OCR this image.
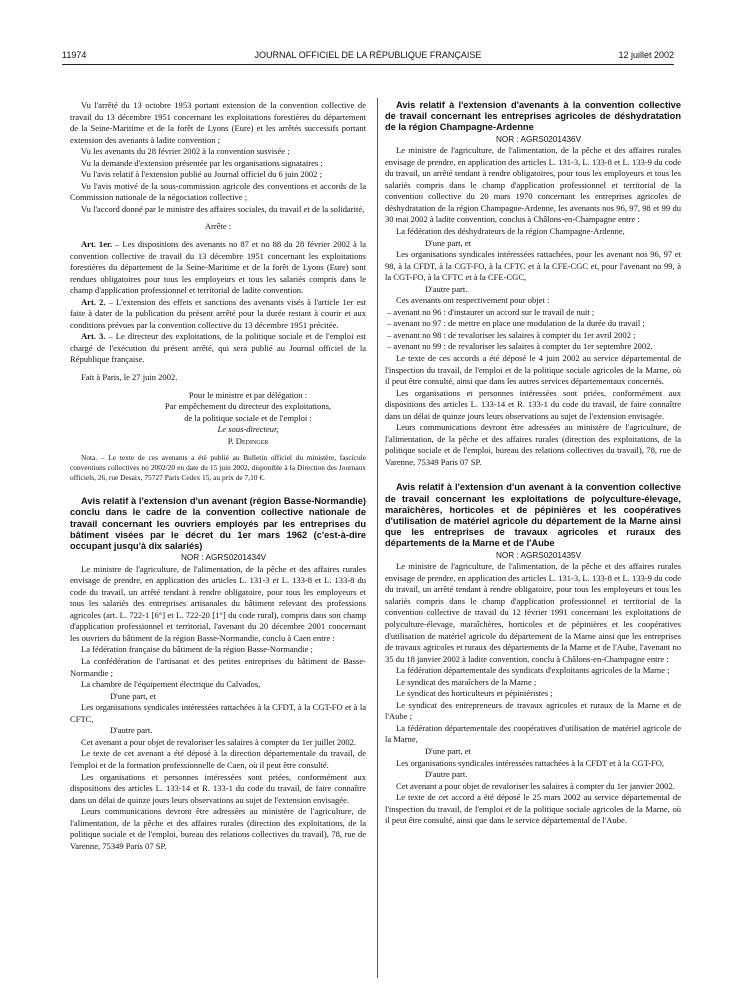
11974	JOURNAL OFFICIEL DE LA RÉPUBLIQUE FRANÇAISE	12 juillet 2002

Vu l'arrêté du 13 octobre 1953 portant extension de la convention collective de travail du 13 décembre 1951 concernant les exploitations forestières du département de la Seine-Maritime et de la forêt de Lyons (Eure) et les arrêtés successifs portant extension des avenants à ladite convention ;

Vu les avenants du 28 février 2002 à la convention susvisée ;

Vu la demande d'extension présentée par les organisations signataires ;

Vu l'avis relatif à l'extension publié au Journal officiel du 6 juin 2002 ;

Vu l'avis motivé de la sous-commission agricole des conventions et accords de la Commission nationale de la négociation collective ;

Vu l'accord donné par le ministre des affaires sociales, du travail et de la solidarité,

Arrête :

Art. 1er. – Les dispositions des avenants no 87 et no 88 du 28 février 2002 à la convention collective de travail du 13 décembre 1951 concernant les exploitations forestières du département de la Seine-Maritime et de la forêt de Lyons (Eure) sont rendues obligatoires pour tous les employeurs et tous les salariés compris dans le champ d'application professionnel et territorial de ladite convention.

Art. 2. – L'extension des effets et sanctions des avenants visés à l'article 1er est faite à dater de la publication du présent arrêté pour la durée restant à courir et aux conditions prévues par la convention collective du 13 décembre 1951 précitée.

Art. 3. – Le directeur des exploitations, de la politique sociale et de l'emploi est chargé de l'exécution du présent arrêté, qui sera publié au Journal officiel de la République française.

Fait à Paris, le 27 juin 2002.

Pour le ministre et par délégation :

Par empêchement du directeur des exploitations,

de la politique sociale et de l'emploi :

Le sous-directeur,

P. Dedinger

Nota. – Le texte de ces avenants a été publié au Bulletin officiel du ministère, fascicule conventions collectives no 2002/20 en date du 15 juin 2002, disponible à la Direction des Journaux officiels, 26, rue Desaix, 75727 Paris Cedex 15, au prix de 7,10 €.

Avis relatif à l'extension d'un avenant (région Basse-Normandie) conclu dans le cadre de la convention collective nationale de travail concernant les ouvriers employés par les entreprises du bâtiment visées par le décret du 1er mars 1962 (c'est-à-dire occupant jusqu'à dix salariés)

NOR : AGRS0201434V

Le ministre de l'agriculture, de l'alimentation, de la pêche et des affaires rurales envisage de prendre, en application des articles L. 131-3 et L. 133-8 et L. 133-8 du code du travail, un arrêté tendant à rendre obligatoire, pour tous les employeurs et tous les salariés des entreprises artisanales du bâtiment relevant des professions agricoles (art. L. 722-1 [6°] et L. 722-20 [1°] du code rural), compris dans son champ d'application professionnel et territorial, l'avenant du 20 décembre 2001 concernant les ouvriers du bâtiment de la région Basse-Normandie, conclu à Caen entre :

La fédération française du bâtiment de la région Basse-Normandie ;

La confédération de l'artisanat et des petites entreprises du bâtiment de Basse-Normandie ;

La chambre de l'équipement électrique du Calvados,

D'une part, et

Les organisations syndicales intéressées rattachées à la CFDT, à la CGT-FO et à la CFTC,

D'autre part.

Cet avenant a pour objet de revaloriser les salaires à compter du 1er juillet 2002.

Le texte de cet avenant a été déposé à la direction départementale du travail, de l'emploi et de la formation professionnelle de Caen, où il peut être consulté.

Les organisations et personnes intéressées sont priées, conformément aux dispositions des articles L. 133-14 et R. 133-1 du code du travail, de faire connaître dans un délai de quinze jours leurs observations au sujet de l'extension envisagée.

Leurs communications devront être adressées au ministère de l'agriculture, de l'alimentation, de la pêche et des affaires rurales (direction des exploitations, de la politique sociale et de l'emploi, bureau des relations collectives du travail), 78, rue de Varenne, 75349 Paris 07 SP.

Avis relatif à l'extension d'avenants à la convention collective de travail concernant les entreprises agricoles de déshydratation de la région Champagne-Ardenne

NOR : AGRS0201436V

Le ministre de l'agriculture, de l'alimentation, de la pêche et des affaires rurales envisage de prendre, en application des articles L. 131-3, L. 133-8 et L. 133-9 du code du travail, un arrêté tendant à rendre obligatoires, pour tous les employeurs et tous les salariés compris dans le champ d'application professionnel et territorial de la convention collective du 20 mars 1970 concernant les entreprises agricoles de déshydratation de la région Champagne-Ardenne, les avenants nos 96, 97, 98 et 99 du 30 mai 2002 à ladite convention, conclus à Châlons-en-Champagne entre :

La fédération des déshydrateurs de la région Champagne-Ardenne,

D'une part, et

Les organisations syndicales intéressées rattachées, pour les avenant nos 96, 97 et 98, à la CFDT, à la CGT-FO, à la CFTC et à la CFE-CGC et, pour l'avenant no 99, à la CGT-FO, à la CFTC et à la CFE-CGC,

D'autre part.

Ces avenants ont respectivement pour objet :

– avenant no 96 : d'instaurer un accord sur le travail de nuit ;

– avenant no 97 : de mettre en place une modulation de la durée du travail ;

– avenant no 98 : de revaloriser les salaires à compter du 1er avril 2002 ;

– avenant no 99 : de revaloriser les salaires à compter du 1er septembre 2002.

Le texte de ces accords a été déposé le 4 juin 2002 au service départemental de l'inspection du travail, de l'emploi et de la politique sociale agricoles de la Marne, où il peut être consulté, ainsi que dans les autres services départementaux concernés.

Les organisations et personnes intéressées sont priées, conformément aux dispositions des articles L. 133-14 et R. 133-1 du code du travail, de faire connaître dans un délai de quinze jours leurs observations au sujet de l'extension envisagée.

Leurs communications devront être adressées au ministère de l'agriculture, de l'alimentation, de la pêche et des affaires rurales (direction des exploitations, de la politique sociale et de l'emploi, bureau des relations collectives du travail), 78, rue de Varenne, 75349 Paris 07 SP.

Avis relatif à l'extension d'un avenant à la convention collective de travail concernant les exploitations de polyculture-élevage, maraîchères, horticoles et de pépinières et les coopératives d'utilisation de matériel agricole du département de la Marne ainsi que les entreprises de travaux agricoles et ruraux des départements de la Marne et de l'Aube

NOR : AGRS0201435V

Le ministre de l'agriculture, de l'alimentation, de la pêche et des affaires rurales envisage de prendre, en application des articles L. 131-3, L. 133-8 et L. 133-9 du code du travail, un arrêté tendant à rendre obligatoire, pour tous les employeurs et tous les salariés compris dans le champ d'application professionnel et territorial de la convention collective de travail du 12 février 1991 concernant les exploitations de polyculture-élevage, maraîchères, horticoles et de pépinières et les coopératives d'utilisation de matériel agricole du département de la Marne ainsi que les entreprises de travaux agricoles et ruraux des départements de la Marne et de l'Aube, l'avenant no 35 du 18 janvier 2002 à ladite convention, conclu à Châlons-en-Champagne entre :

La fédération départementale des syndicats d'exploitants agricoles de la Marne ;

Le syndicat des maraîchers de la Marne ;

Le syndicat des horticulteurs et pépiniéristes ;

Le syndicat des entrepreneurs de travaux agricoles et ruraux de la Marne et de l'Aube ;

La fédération départementale des coopératives d'utilisation de matériel agricole de la Marne,

D'une part, et

Les organisations syndicales intéressées rattachées à la CFDT et à la CGT-FO,

D'autre part.

Cet avenant a pour objet de revaloriser les salaires à compter du 1er janvier 2002.

Le texte de cet accord a été déposé le 25 mars 2002 au service départemental de l'inspection du travail, de l'emploi et de la politique sociale agricoles de la Marne, où il peut être consulté, ainsi que dans le service départemental de l'Aube.
